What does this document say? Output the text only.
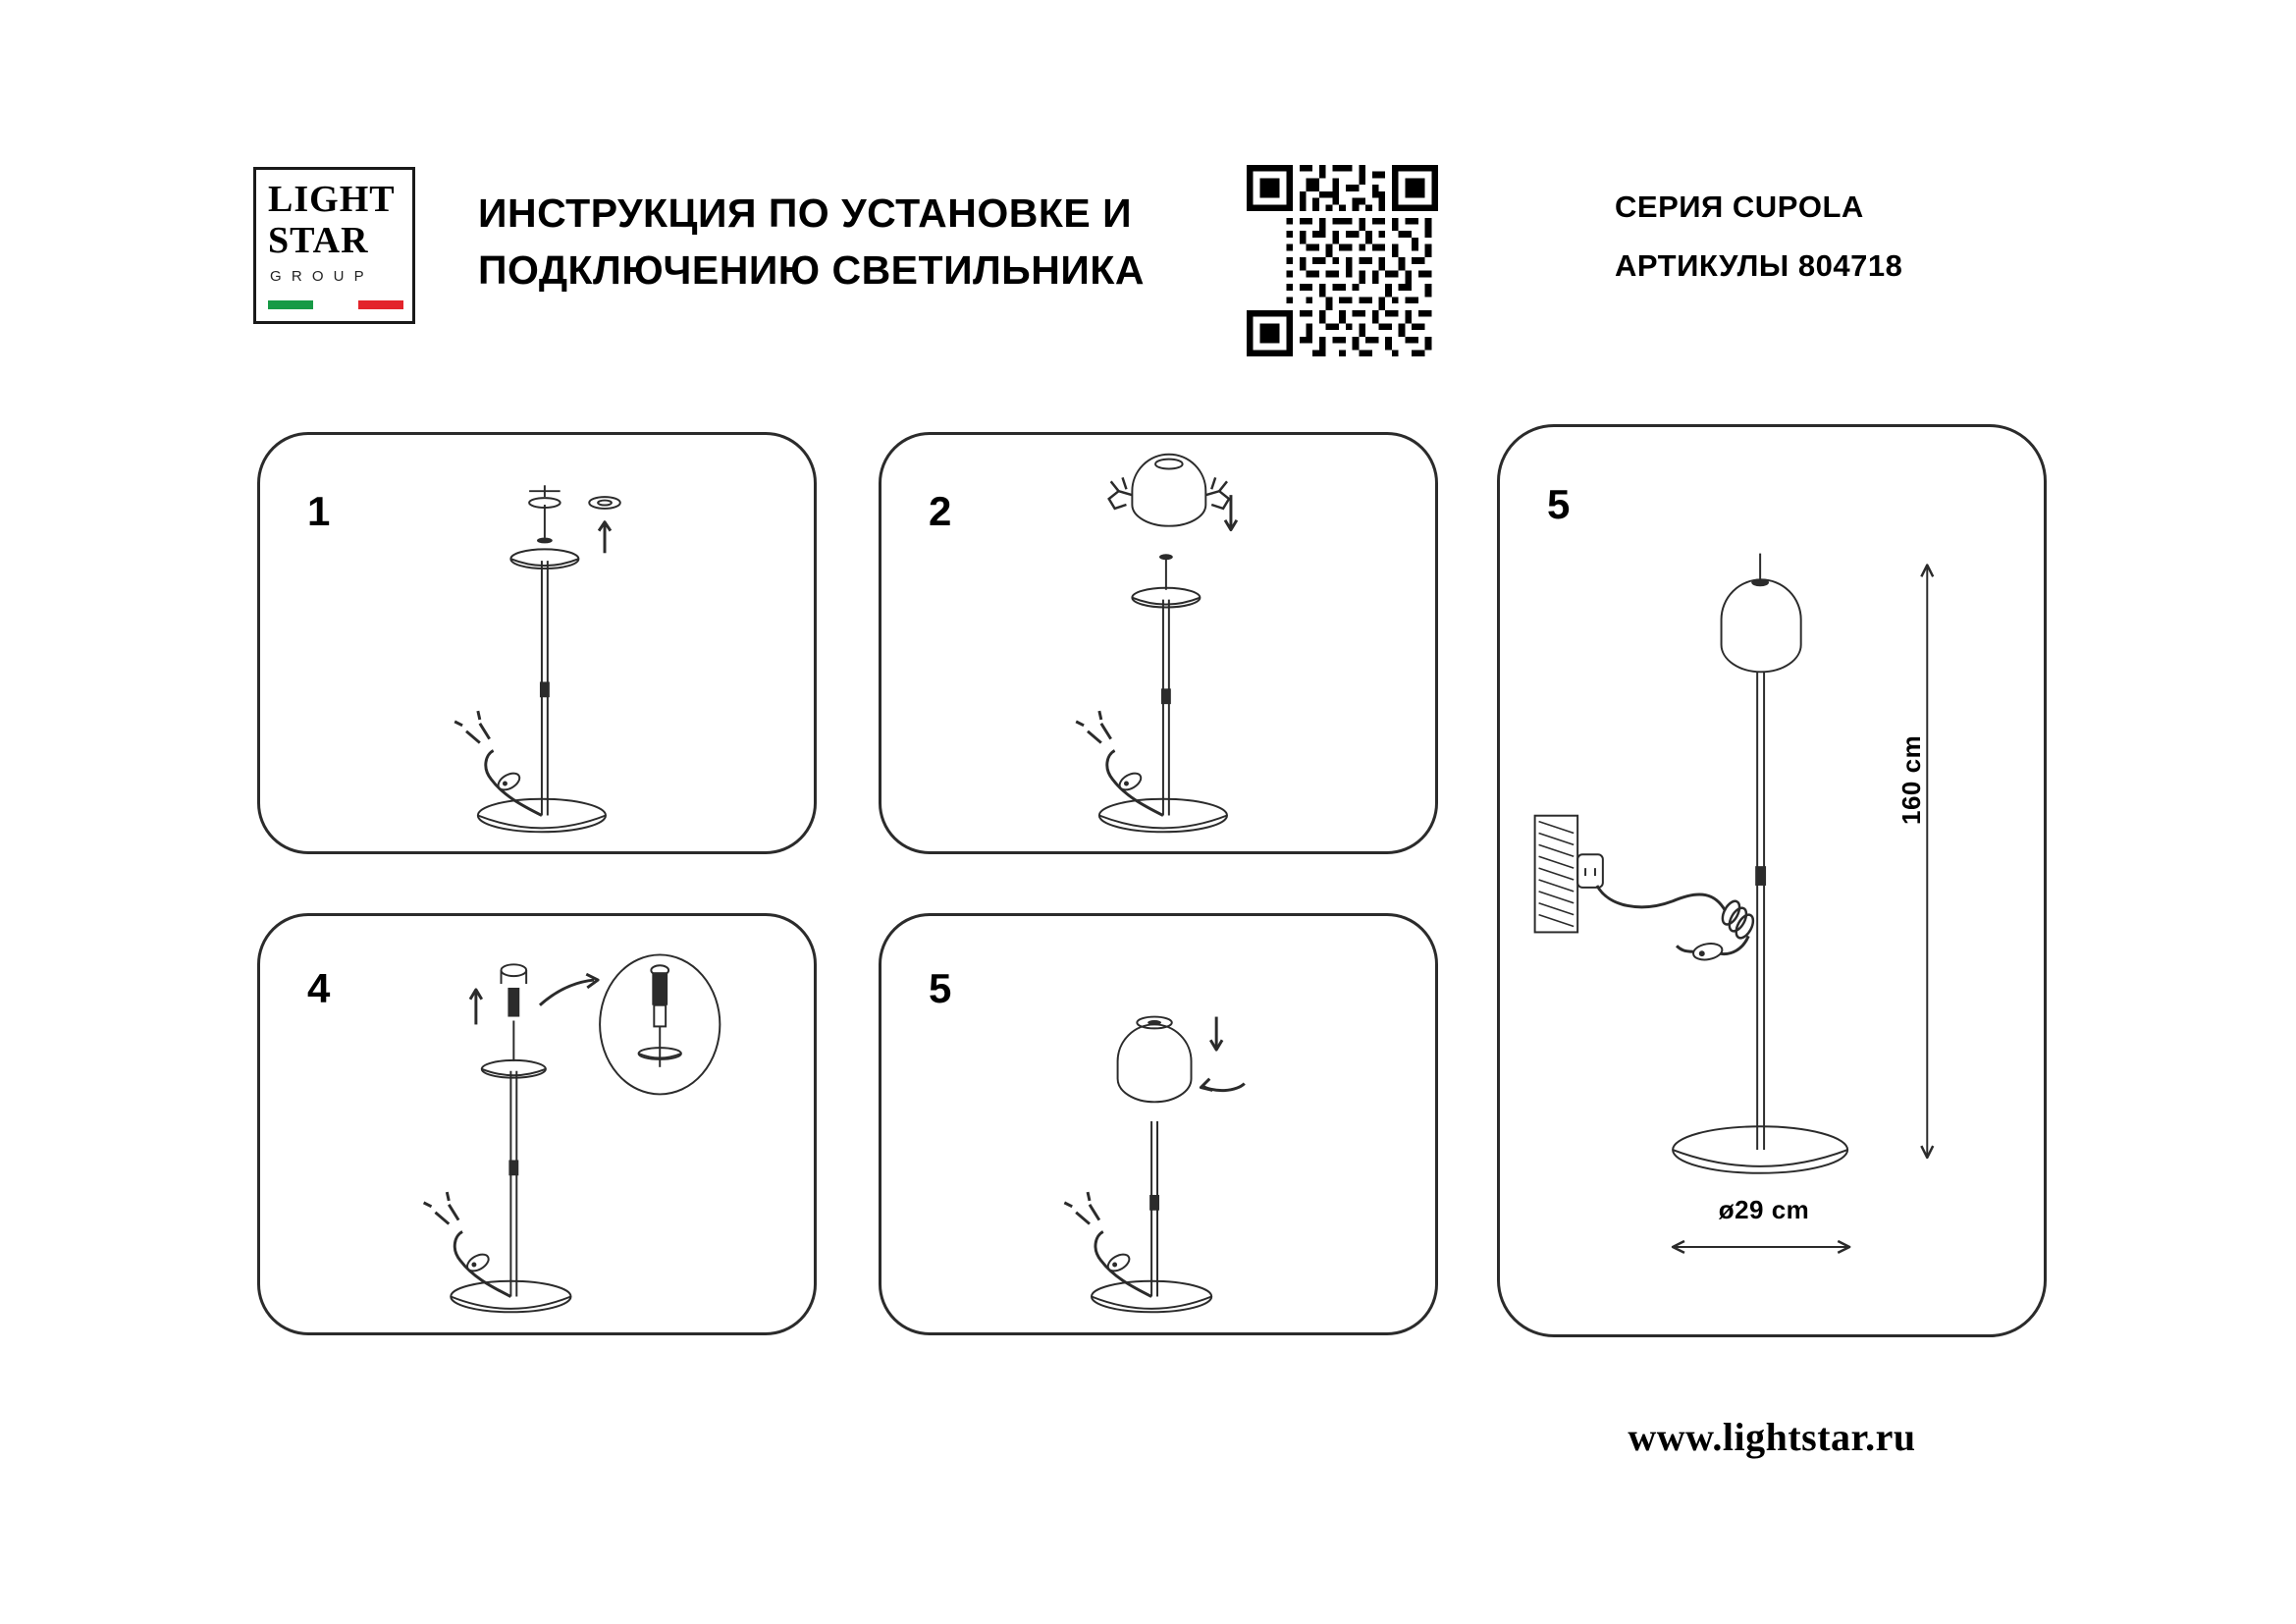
LIGHT
STAR
G R O U P
ИНСТРУКЦИЯ ПО УСТАНОВКЕ И
ПОДКЛЮЧЕНИЮ СВЕТИЛЬНИКА
СЕРИЯ CUPOLA
АРТИКУЛЫ 804718
1	2
4	5
5
160 cm
ø29 cm
www.lightstar.ru
